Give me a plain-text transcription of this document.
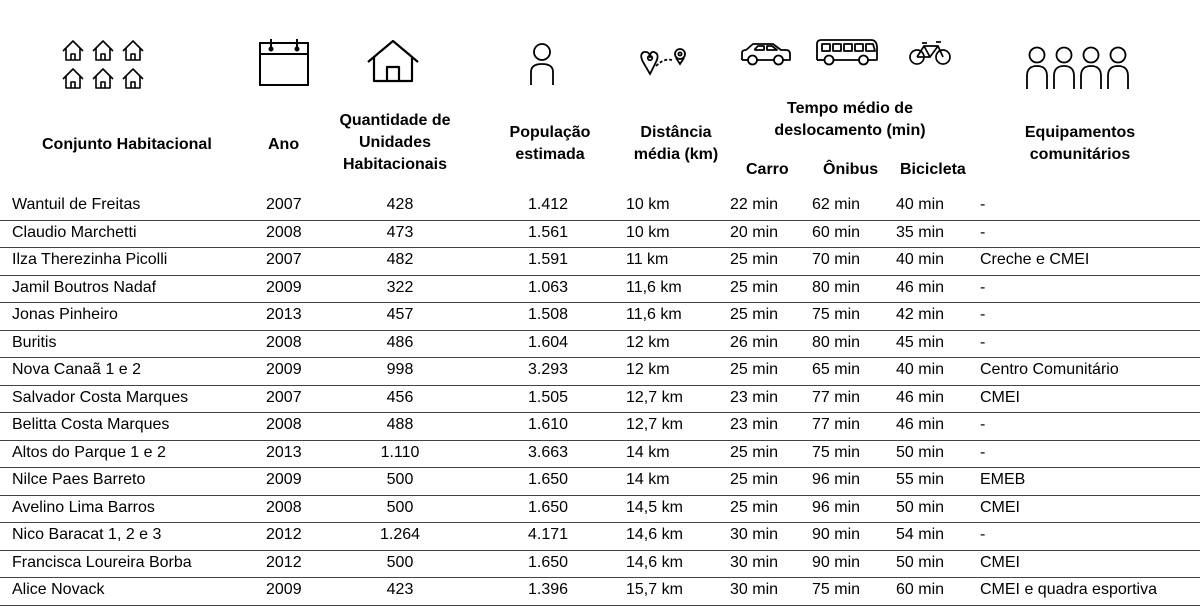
Conjunto Habitacional	Ano
Quantidade de
Unidades
Habitacionais
População
estimada
Distância
média (km)
Tempo médio de
deslocamento (min)
Carro Ônibus Bicicleta
Equipamentos
comunitários
Wantuil de Freitas	2007	428	1.412	10 km	22 min 62 min 40 min -
Claudio Marchetti	2008	473	1.561	10 km	20 min 60 min 35 min -
Ilza Therezinha Picolli	2007	482	1.591	11 km	25 min 70 min 40 min Creche e CMEI
Jamil Boutros Nadaf	2009	322	1.063	11,6 km	25 min 80 min 46 min -
Jonas Pinheiro	2013	457	1.508	11,6 km	25 min 75 min 42 min -
Buritis	2008	486	1.604	12 km	26 min 80 min 45 min -
Nova Canaã 1 e 2	2009	998	3.293	12 km	25 min 65 min 40 min Centro Comunitário
Salvador Costa Marques	2007	456	1.505	12,7 km	23 min 77 min 46 min CMEI
Belitta Costa Marques	2008	488	1.610	12,7 km	23 min 77 min 46 min -
Altos do Parque 1 e 2	2013	1.110	3.663	14 km	25 min 75 min 50 min -
Nilce Paes Barreto	2009	500	1.650	14 km	25 min 96 min 55 min EMEB
Avelino Lima Barros	2008	500	1.650	14,5 km	25 min 96 min 50 min CMEI
Nico Baracat 1, 2 e 3	2012	1.264	4.171	14,6 km	30 min 90 min 54 min -
Francisca Loureira Borba	2012	500	1.650	14,6 km	30 min 90 min 50 min CMEI
Alice Novack	2009	423	1.396	15,7 km	30 min 75 min 60 min CMEI e quadra esportiva
